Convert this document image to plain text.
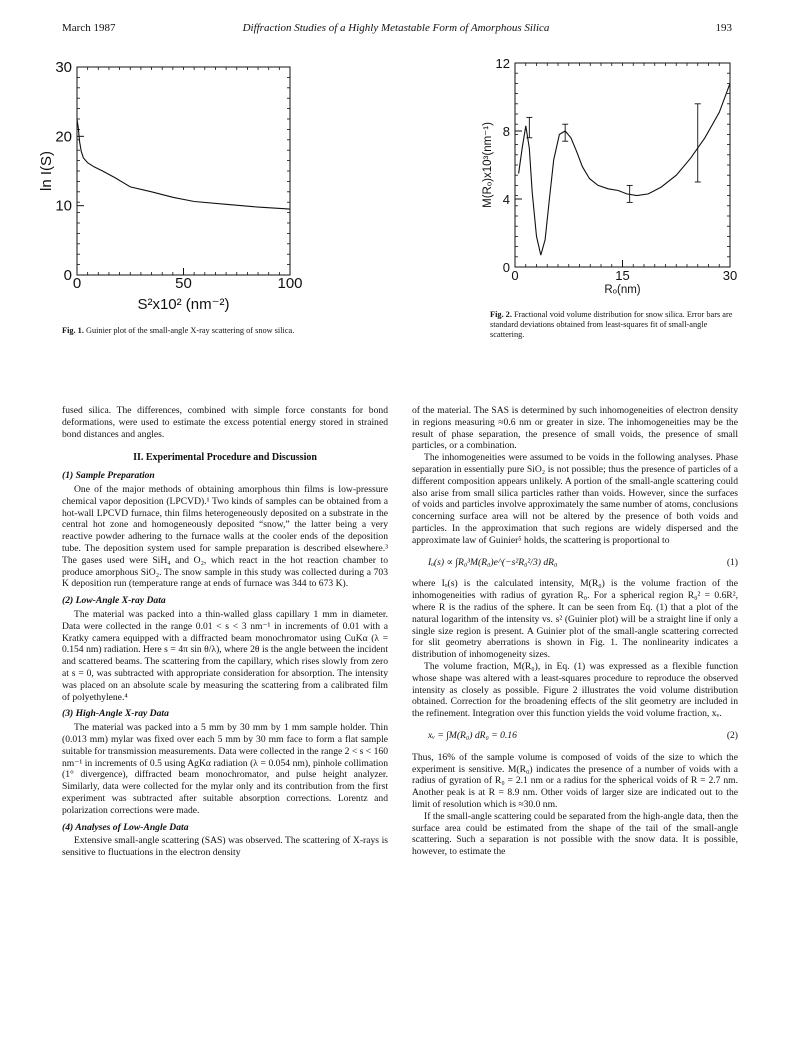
March 1987	Diffraction Studies of a Highly Metastable Form of Amorphous Silica	193
0	50	100
0
10
20
30
S²x10² (nm⁻²)
ln I(S)
Fig. 1. Guinier plot of the small-angle X-ray scattering of snow silica.
0	15	30
0
4
8
12
Rₒ(nm)
M(Rₒ)x10³(nm⁻¹)
Fig. 2. Fractional void volume distribution for snow silica. Error bars are standard deviations obtained from least-squares fit of small-angle scattering.

fused silica. The differences, combined with simple force constants for bond deformations, were used to estimate the excess potential energy stored in strained bond distances and angles.

II. Experimental Procedure and Discussion
(1) Sample Preparation

One of the major methods of obtaining amorphous thin films is low-pressure chemical vapor deposition (LPCVD).¹ Two kinds of samples can be obtained from a hot-wall LPCVD furnace, thin films heterogeneously deposited on a substrate in the central hot zone and homogeneously deposited “snow,” the latter being a very reactive powder adhering to the furnace walls at the cooler ends of the deposition tube. The deposition system used for sample preparation is described elsewhere.³ The gases used were SiH₄ and O₂, which react in the hot reaction chamber to produce amorphous SiO₂. The snow sample in this study was collected during a 703 K deposition run (temperature range at ends of furnace was 344 to 673 K).

(2) Low-Angle X-ray Data

The material was packed into a thin-walled glass capillary 1 mm in diameter. Data were collected in the range 0.01 < s < 3 nm⁻¹ in increments of 0.01 with a Kratky camera equipped with a diffracted beam monochromator using CuKα (λ = 0.154 nm) radiation. Here s = 4π sin θ/λ), where 2θ is the angle between the incident and scattered beams. The scattering from the capillary, which rises slowly from zero at s = 0, was subtracted with appropriate consideration for absorption. The intensity was placed on an absolute scale by measuring the scattering from a calibrated film of polyethylene.⁴

(3) High-Angle X-ray Data

The material was packed into a 5 mm by 30 mm by 1 mm sample holder. Thin (0.013 mm) mylar was fixed over each 5 mm by 30 mm face to form a flat sample suitable for transmission measurements. Data were collected in the range 2 < s < 160 nm⁻¹ in increments of 0.5 using AgKα radiation (λ = 0.054 nm), pinhole collimation (1° divergence), diffracted beam monochromator, and pulse height analyzer. Similarly, data were collected for the mylar only and its contribution from the first experiment was subtracted after suitable absorption corrections. Lorentz and polarization corrections were made.

(4) Analyses of Low-Angle Data

Extensive small-angle scattering (SAS) was observed. The scattering of X-rays is sensitive to fluctuations in the electron density

of the material. The SAS is determined by such inhomogeneities of electron density in regions measuring ≈0.6 nm or greater in size. The inhomogeneities may be the result of phase separation, the presence of small voids, the presence of small particles, or a combination.

The inhomogeneities were assumed to be voids in the following analyses. Phase separation in essentially pure SiO₂ is not possible; thus the presence of particles of a different composition appears unlikely. A portion of the small-angle scattering could also arise from small silica particles rather than voids. However, since the surfaces of voids and particles involve approximately the same number of atoms, conclusions concerning surface area will not be altered by the presence of both voids and particles. In the approximation that such regions are widely dispersed and the approximate law of Guinier⁵ holds, the scattering is proportional to

Iₒ(s) ∝ ∫R₀³M(R₀)e^(−s²R₀²/3) dR₀	(1)

where Iₒ(s) is the calculated intensity, M(R₀) is the volume fraction of the inhomogeneities with radius of gyration R₀. For a spherical region R₀² = 0.6R², where R is the radius of the sphere. It can be seen from Eq. (1) that a plot of the natural logarithm of the intensity vs. s² (Guinier plot) will be a straight line if only a single size region is present. A Guinier plot of the small-angle scattering corrected for slit geometry aberrations is shown in Fig. 1. The nonlinearity indicates a distribution of inhomogeneity sizes.

The volume fraction, M(R₀), in Eq. (1) was expressed as a flexible function whose shape was altered with a least-squares procedure to reproduce the observed intensity as closely as possible. Figure 2 illustrates the void volume distribution obtained. Correction for the broadening effects of the slit geometry are included in the refinement. Integration over this function yields the void volume fraction, xᵥ.

xᵥ = ∫M(R₀) dR₀ = 0.16	(2)

Thus, 16% of the sample volume is composed of voids of the size to which the experiment is sensitive. M(R₀) indicates the presence of a number of voids with a radius of gyration of R₀ = 2.1 nm or a radius for the spherical voids of R = 2.7 nm. Another peak is at R = 8.9 nm. Other voids of larger size are indicated out to the limit of resolution which is ≈30.0 nm.

If the small-angle scattering could be separated from the high-angle data, then the surface area could be estimated from the shape of the tail of the small-angle scattering. Such a separation is not possible with the snow data. It is possible, however, to estimate the
